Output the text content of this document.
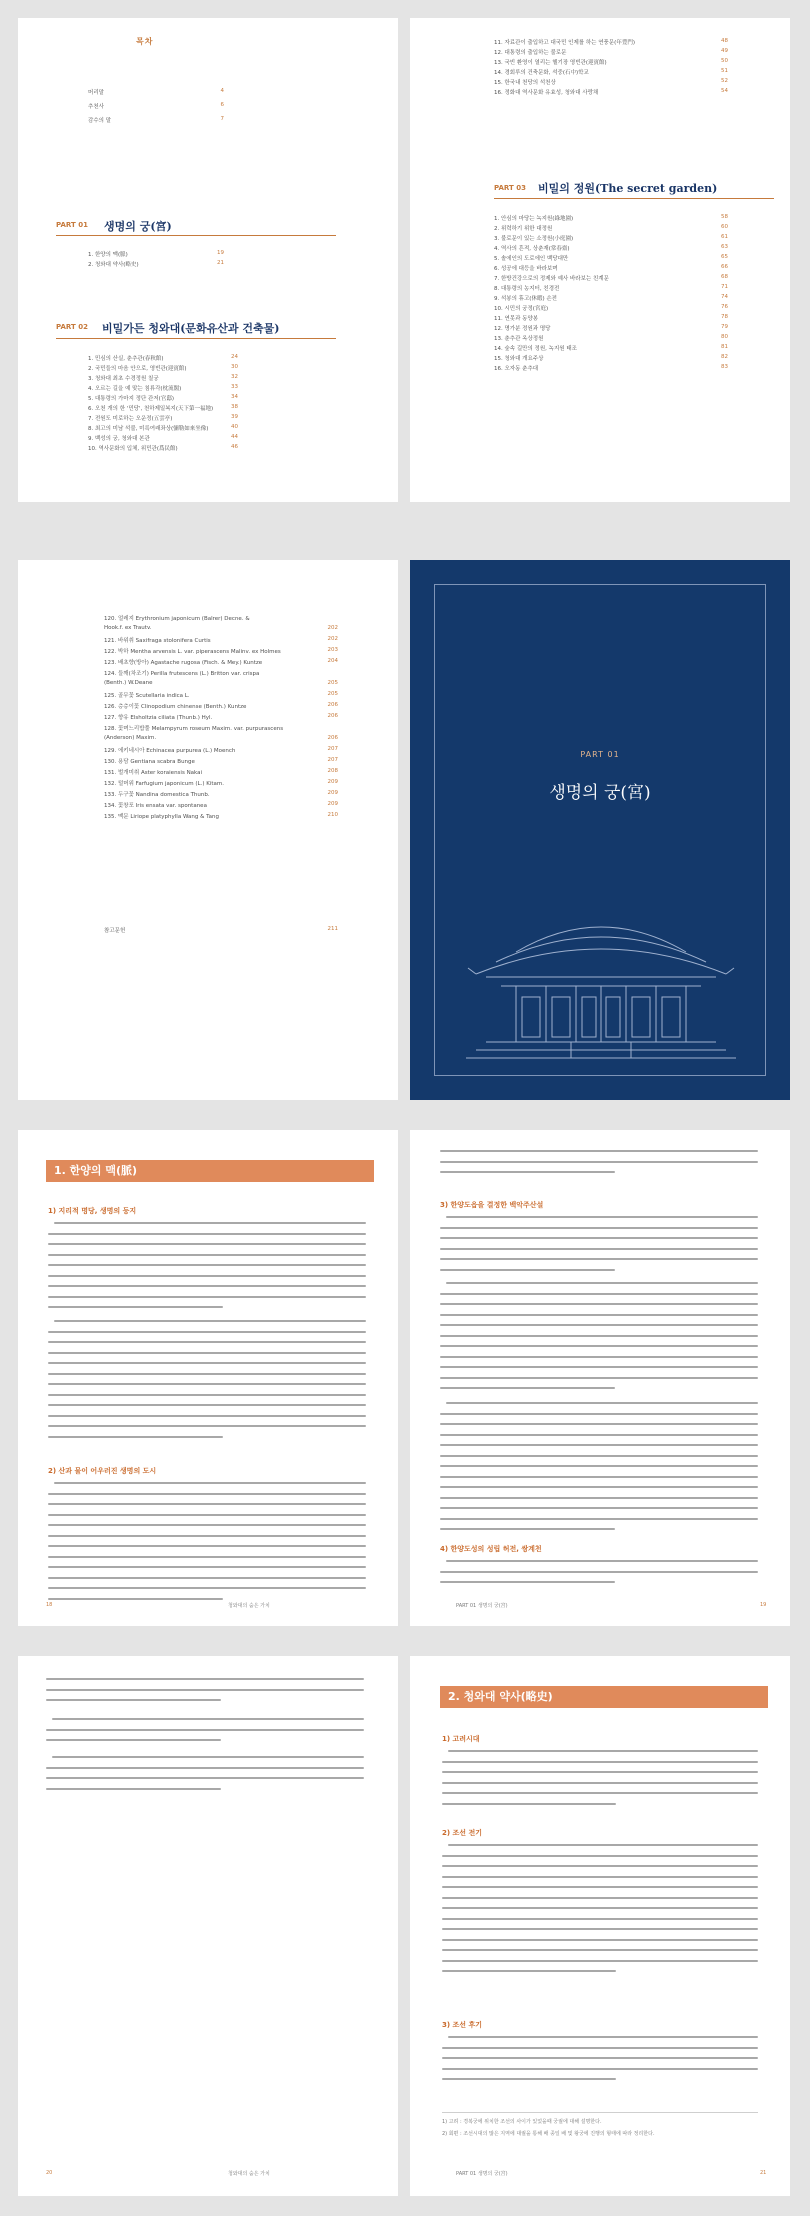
목차
머리말	4
추천사	6
감수의 말	7
PART 01 생명의 궁(宮)
1. 한양의 맥(脈)	19
2. 청와대 약사(略史)	21
PART 02 비밀가든 청와대(문화유산과 건축물)
1. 민심의 산실, 춘추관(春秋館)	24
2. 국민들의 마음 안으로, 영빈관(迎賓館)	30
3. 청와대 최초 수경정원 칠궁	32
4. 오르는 길을 예 맞는 침류각(枕流閣)	33
5. 대통령의 가마지 정단 관저(官邸)	34
6. 오천 개의 한 '민당', 천하제일복지(天下第一福地)	38
7. 전원도 미로하는 오운정(五雲亭)	39
8. 최고의 미남 석불, 미륵여래좌상(彌勒如來坐像)	40
9. 백성의 궁, 청와대 본관	44
10. 역사문화의 입체, 위민관(爲民館)	46
11. 자료관이 출입하고 대국민 인제를 하는 연풍문(年豊門)	48
12. 대통령의 출입하는 불로문	49
13. 국빈 환영이 열리는 헬기장 영빈관(迎賓館)	50
14. 경회루의 건축문화, 석중(石中)학교	51
15. 한국내 천당의 석천상	52
16. 정화대 역사문화 유효성, 청와대 사랑채	54
PART 03 비밀의 정원(The secret garden)
1. 안심의 마당는 녹지원(綠地園)	58
2. 위력하기 위한 대정원	60
3. 불로문이 있는 소정원(小庭園)	61
4. 역사의 흔적, 상춘재(常春齋)	63
5. 솔에인의 도로에인 백당대만	65
6. 성공에 대등을 바라보며	66
7. 한방건강으로의 정제와 예사 바라보는 친계문	68
8. 대통령의 농지터, 친경전	71
9. 석봉의 휴고(休暇) 손전	74
10. 시민의 궁정(宮庭)	76
11. 연못과 동양봉	78
12. 명가분 정원과 명당	79
13. 춘추관 옥상정원	80
14. 숲속 길만의 정원, 녹지원 태조	81
15. 청와대 개요주상	82
16. 오자동 춘추대	83
120. 얼레지 Erythronium japonicum (Balrer) Decne. &
Hook.f. ex Trautv.	202
121. 바위취 Saxifraga stolonifera Curtis	202
122. 박하 Mentha arvensis L. var. piperascens Malinv. ex Holmes	203
123. 배초향(방아) Agastache rugosa (Fisch. & Mey.) Kuntze	204
124. 들깨(차조기) Perilla frutescens (L.) Britton var. crispa
(Benth.) W.Deane	205
125. 골무꽃 Scutellaria indica L.	205
126. 층층이꽃 Clinopodium chinense (Benth.) Kuntze	206
127. 향유 Elsholtzia ciliata (Thunb.) Hyl.	206
128. 꽃며느리밥풀 Melampyrum roseum Maxim. var. purpurascens
(Anderson) Maxim.	206
129. 에키네시아 Echinacea purpurea (L.) Moench	207
130. 용담 Gentiana scabra Bunge	207
131. 벌개미취 Aster koraiensis Nakai	208
132. 털머위 Farfugium japonicum (L.) Kitam.	209
133. 두구꽃 Nandina domestica Thunb.	209
134. 꽃창포 Iris ensata var. spontanea	209
135. 맥문 Liriope platyphylla Wang & Tang	210
참고문헌	211
PART 01
생명의 궁(宮)
1. 한양의 맥(脈)
1) 지리적 명당, 생명의 둥지
2) 산과 물이 어우러진 생명의 도시
18	청와대의 숨은 가치
3) 한양도읍을 결정한 백악주산설
4) 한양도성의 성립 허전, 쌍계천
PART 01 생명의 궁(宮)	19
20	청와대의 숨은 가치
2. 청와대 약사(略史)
1) 고려시대
2) 조선 전기
3) 조선 후기
1) 고려 : 경복궁에 위치한 조선의 사이가 있었을때 궁궐에 대해 설명한다.
2) 회편 : 조선시대의 많은 지역에 대궐을 통해 배 종일 배 및 왕궁에 진행의 형태에 따라 정리한다.
PART 01 생명의 궁(宮)	21
